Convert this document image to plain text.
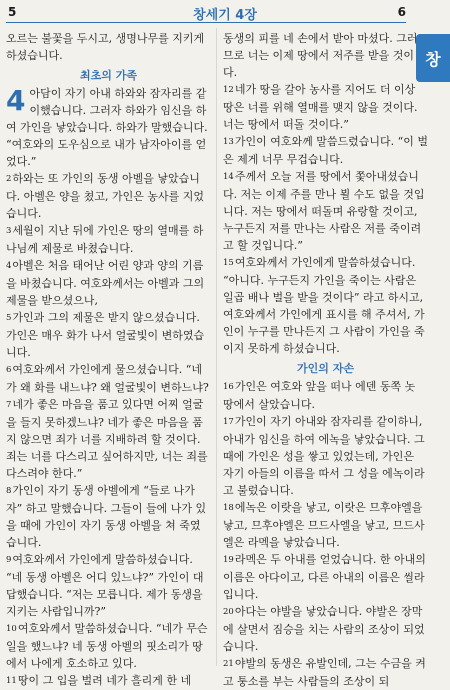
5	창세기 4장	6
창

오르는 불꽃을 두시고, 생명나무를 지키게 하셨습니다.

최초의 가족

4 아담이 자기 아내 하와와 잠자리를 같이했습니다. 그러자 하와가 임신을 하여 가인을 낳았습니다. 하와가 말했습니다. “여호와의 도우심으로 내가 남자아이를 얻었다.”

2하와는 또 가인의 동생 아벨을 낳았습니다. 아벨은 양을 쳤고, 가인은 농사를 지었습니다.

3세월이 지난 뒤에 가인은 땅의 열매를 하나님께 제물로 바쳤습니다.

4아벨은 처음 태어난 어린 양과 양의 기름을 바쳤습니다. 여호와께서는 아벨과 그의 제물을 받으셨으나,

5가인과 그의 제물은 받지 않으셨습니다. 가인은 매우 화가 나서 얼굴빛이 변하였습니다.

6여호와께서 가인에게 물으셨습니다. “네가 왜 화를 내느냐? 왜 얼굴빛이 변하느냐?

7네가 좋은 마음을 품고 있다면 어찌 얼굴을 들지 못하겠느냐? 네가 좋은 마음을 품지 않으면 죄가 너를 지배하려 할 것이다. 죄는 너를 다스리고 싶어하지만, 너는 죄를 다스려야 한다.”

8가인이 자기 동생 아벨에게 “들로 나가자” 하고 말했습니다. 그들이 들에 나가 있을 때에 가인이 자기 동생 아벨을 쳐 죽였습니다.

9여호와께서 가인에게 말씀하셨습니다. “네 동생 아벨은 어디 있느냐?” 가인이 대답했습니다. “저는 모릅니다. 제가 동생을 지키는 사람입니까?”

10여호와께서 말씀하셨습니다. “네가 무슨 일을 했느냐? 네 동생 아벨의 핏소리가 땅에서 나에게 호소하고 있다.

11땅이 그 입을 벌려 네가 흘리게 한 네

동생의 피를 네 손에서 받아 마셨다. 그러므로 너는 이제 땅에서 저주를 받을 것이다.

12네가 땅을 갈아 농사를 지어도 더 이상 땅은 너를 위해 열매를 맺지 않을 것이다. 너는 땅에서 떠돌 것이다.”

13가인이 여호와께 말씀드렸습니다. “이 벌은 제게 너무 무겁습니다.

14주께서 오늘 저를 땅에서 쫓아내셨습니다. 저는 이제 주를 만나 뵐 수도 없을 것입니다. 저는 땅에서 떠돌며 유랑할 것이고, 누구든지 저를 만나는 사람은 저를 죽이려고 할 것입니다.”

15여호와께서 가인에게 말씀하셨습니다. “아니다. 누구든지 가인을 죽이는 사람은 일곱 배나 벌을 받을 것이다” 라고 하시고, 여호와께서 가인에게 표시를 해 주셔서, 가인이 누구를 만나든지 그 사람이 가인을 죽이지 못하게 하셨습니다.

가인의 자손

16가인은 여호와 앞을 떠나 에덴 동쪽 놋 땅에서 살았습니다.

17가인이 자기 아내와 잠자리를 같이하니, 아내가 임신을 하여 에녹을 낳았습니다. 그때에 가인은 성을 쌓고 있었는데, 가인은 자기 아들의 이름을 따서 그 성을 에녹이라고 불렀습니다.

18에녹은 이랏을 낳고, 이랏은 므후야엘을 낳고, 므후야엘은 므드사엘을 낳고, 므드사엘은 라멕을 낳았습니다.

19라멕은 두 아내를 얻었습니다. 한 아내의 이름은 아다이고, 다른 아내의 이름은 씰라입니다.

20아다는 야발을 낳았습니다. 야발은 장막에 살면서 짐승을 치는 사람의 조상이 되었습니다.

21야발의 동생은 유발인데, 그는 수금을 켜고 퉁소를 부는 사람들의 조상이 되
